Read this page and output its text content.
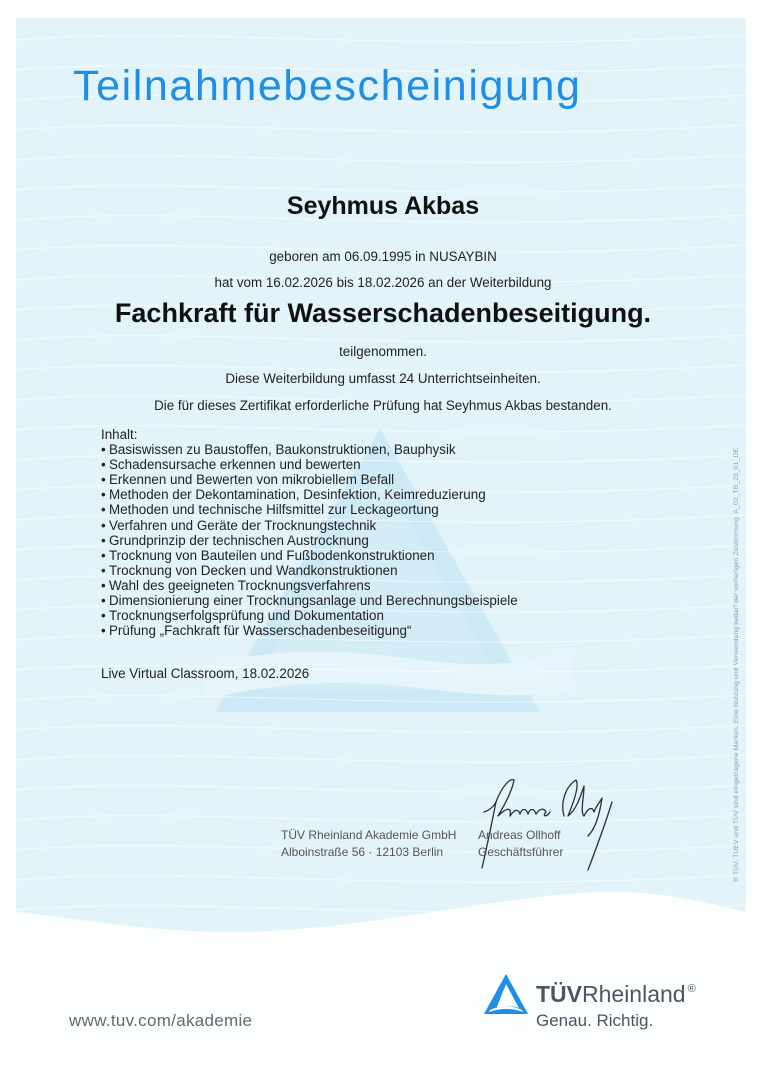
Teilnahmebescheinigung
Seyhmus Akbas
geboren am 06.09.1995 in NUSAYBIN
hat vom 16.02.2026 bis 18.02.2026 an der Weiterbildung
Fachkraft für Wasserschadenbeseitigung.
teilgenommen.
Diese Weiterbildung umfasst 24 Unterrichtseinheiten.
Die für dieses Zertifikat erforderliche Prüfung hat Seyhmus Akbas bestanden.
Inhalt:
• Basiswissen zu Baustoffen, Baukonstruktionen, Bauphysik
• Schadensursache erkennen und bewerten
• Erkennen und Bewerten von mikrobiellem Befall
• Methoden der Dekontamination, Desinfektion, Keimreduzierung
• Methoden und technische Hilfsmittel zur Leckageortung
• Verfahren und Geräte der Trocknungstechnik
• Grundprinzip der technischen Austrocknung
• Trocknung von Bauteilen und Fußbodenkonstruktionen
• Trocknung von Decken und Wandkonstruktionen
• Wahl des geeigneten Trocknungsverfahrens
• Dimensionierung einer Trocknungsanlage und Berechnungsbeispiele
• Trocknungserfolgsprüfung und Dokumentation
• Prüfung „Fachkraft für Wasserschadenbeseitigung“
Live Virtual Classroom, 18.02.2026
TÜV Rheinland Akademie GmbH
Alboinstraße 56 · 12103 Berlin
Andreas Ollhoff
Geschäftsführer	® TÜV, TUEV und TUV sind eingetragene Marken. Eine Nutzung und Verwendung bedarf der vorherigen Zustimmung. A_02_TB_23_01_DE
www.tuv.com/akademie
TÜVRheinland ®
Genau. Richtig.
